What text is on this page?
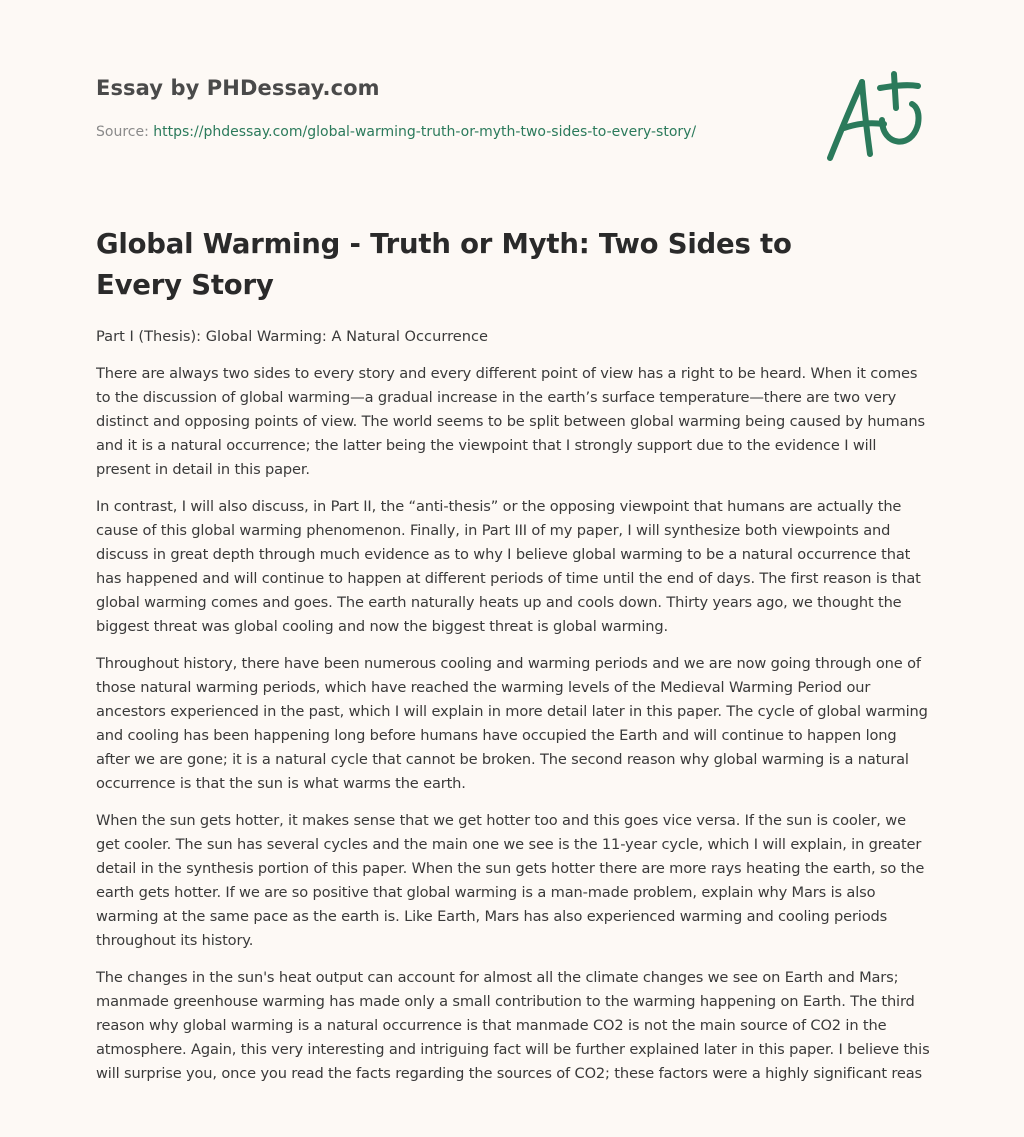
Essay by PHDessay.com
Source: https://phdessay.com/global-warming-truth-or-myth-two-sides-to-every-story/
Global Warming - Truth or Myth: Two Sides to Every Story

Part I (Thesis): Global Warming: A Natural Occurrence

There are always two sides to every story and every different point of view has a right to be heard. When it comes to the discussion of global warming—a gradual increase in the earth’s surface temperature—there are two very distinct and opposing points of view. The world seems to be split between global warming being caused by humans and it is a natural occurrence; the latter being the viewpoint that I strongly support due to the evidence I will present in detail in this paper.

In contrast, I will also discuss, in Part II, the “anti-thesis” or the opposing viewpoint that humans are actually the cause of this global warming phenomenon. Finally, in Part III of my paper, I will synthesize both viewpoints and discuss in great depth through much evidence as to why I believe global warming to be a natural occurrence that has happened and will continue to happen at different periods of time until the end of days. The first reason is that global warming comes and goes. The earth naturally heats up and cools down. Thirty years ago, we thought the biggest threat was global cooling and now the biggest threat is global warming.

Throughout history, there have been numerous cooling and warming periods and we are now going through one of those natural warming periods, which have reached the warming levels of the Medieval Warming Period our ancestors experienced in the past, which I will explain in more detail later in this paper. The cycle of global warming and cooling has been happening long before humans have occupied the Earth and will continue to happen long after we are gone; it is a natural cycle that cannot be broken. The second reason why global warming is a natural occurrence is that the sun is what warms the earth.

When the sun gets hotter, it makes sense that we get hotter too and this goes vice versa. If the sun is cooler, we get cooler. The sun has several cycles and the main one we see is the 11-year cycle, which I will explain, in greater detail in the synthesis portion of this paper. When the sun gets hotter there are more rays heating the earth, so the earth gets hotter. If we are so positive that global warming is a man-made problem, explain why Mars is also warming at the same pace as the earth is. Like Earth, Mars has also experienced warming and cooling periods throughout its history.

The changes in the sun's heat output can account for almost all the climate changes we see on Earth and Mars; manmade greenhouse warming has made only a small contribution to the warming happening on Earth. The third reason why global warming is a natural occurrence is that manmade CO2 is not the main source of CO2 in the atmosphere. Again, this very interesting and intriguing fact will be further explained later in this paper. I believe this will surprise you, once you read the facts regarding the sources of CO2; these factors were a highly significant reas
